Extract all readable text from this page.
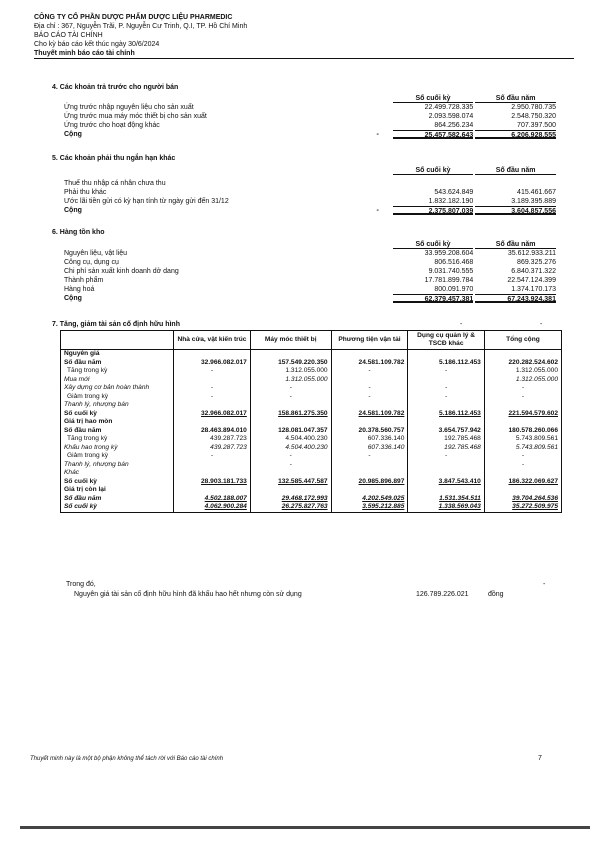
CÔNG TY CỔ PHẦN DƯỢC PHẨM DƯỢC LIỆU PHARMEDIC
Địa chỉ : 367, Nguyễn Trãi, P. Nguyễn Cư Trinh, Q.I, TP. Hồ Chí Minh
BÁO CÁO TÀI CHÍNH
Cho kỳ báo cáo kết thúc ngày 30/6/2024
Thuyết minh báo cáo tài chính
4. Các khoản trả trước cho người bán
Số cuối kỳ	Số đầu năm
Ứng trước nhập nguyên liệu cho sản xuất	22.499.728.335	2.950.780.735
Ứng trước mua máy móc thiết bị cho sản xuất	2.093.598.074	2.548.750.320
Ứng trước cho hoạt động khác	864.256.234	707.397.500
Cộng	-	25.457.582.643	6.206.928.555
5. Các khoản phải thu ngắn hạn khác
Số cuối kỳ	Số đầu năm
Thuế thu nhập cá nhân chưa thu
Phải thu khác	543.624.849	415.461.667
Ước lãi tiền gửi có kỳ hạn tính từ ngày gửi đến 31/12	1.832.182.190	3.189.395.889
Cộng	-	2.375.807.039	3.604.857.556
6. Hàng tồn kho
Số cuối kỳ	Số đầu năm
Nguyên liệu, vật liệu	33.959.208.604	35.612.933.211
Công cụ, dụng cụ	806.516.468	869.325.276
Chi phí sản xuất kinh doanh dở dang	9.031.740.555	6.840.371.322
Thành phẩm	17.781.899.784	22.547.124.399
Hàng hoá	800.091.970	1.374.170.173
Cộng	62.379.457.381	67.243.924.381
7. Tăng, giảm tài sản cố định hữu hình	-	-
	Nhà cửa, vật kiến trúc	Máy móc thiết bị	Phương tiện vận tải	Dụng cụ quản lý & TSCĐ khác	Tổng cộng
Nguyên giá					
Số đầu năm	32.966.082.017	157.549.220.350	24.581.109.782	5.186.112.453	220.282.524.602
Tăng trong kỳ	-	1.312.055.000	-	-	1.312.055.000
Mua mới		1.312.055.000			1.312.055.000
Xây dựng cơ bản hoàn thành	-	-	-	-	-
Giảm trong kỳ	-	-	-	-	-
Thanh lý, nhượng bán					
Số cuối kỳ	32.966.082.017	158.861.275.350	24.581.109.782	5.186.112.453	221.594.579.602
Giá trị hao mòn					
Số đầu năm	28.463.894.010	128.081.047.357	20.378.560.757	3.654.757.942	180.578.260.066
Tăng trong kỳ	439.287.723	4.504.400.230	607.336.140	192.785.468	5.743.809.561
Khấu hao trong kỳ	439.287.723	4.504.400.230	607.336.140	192.785.468	5.743.809.561
Giảm trong kỳ	-	-	-	-	-
Thanh lý, nhượng bán		-			-
Khác					
Số cuối kỳ	28.903.181.733	132.585.447.587	20.985.896.897	3.847.543.410	186.322.069.627
Giá trị còn lại					
Số đầu năm	4.502.188.007	29.468.172.993	4.202.549.025	1.531.354.511	39.704.264.536
Số cuối kỳ	4.062.900.284	26.275.827.763	3.595.212.885	1.338.569.043	35.272.509.975
Trong đó,	-
Nguyên giá tài sản cố định hữu hình đã khấu hao hết nhưng còn sử dụng	126.789.226.021	đồng
Thuyết minh này là một bộ phận không thể tách rời với Báo cáo tài chính	7
